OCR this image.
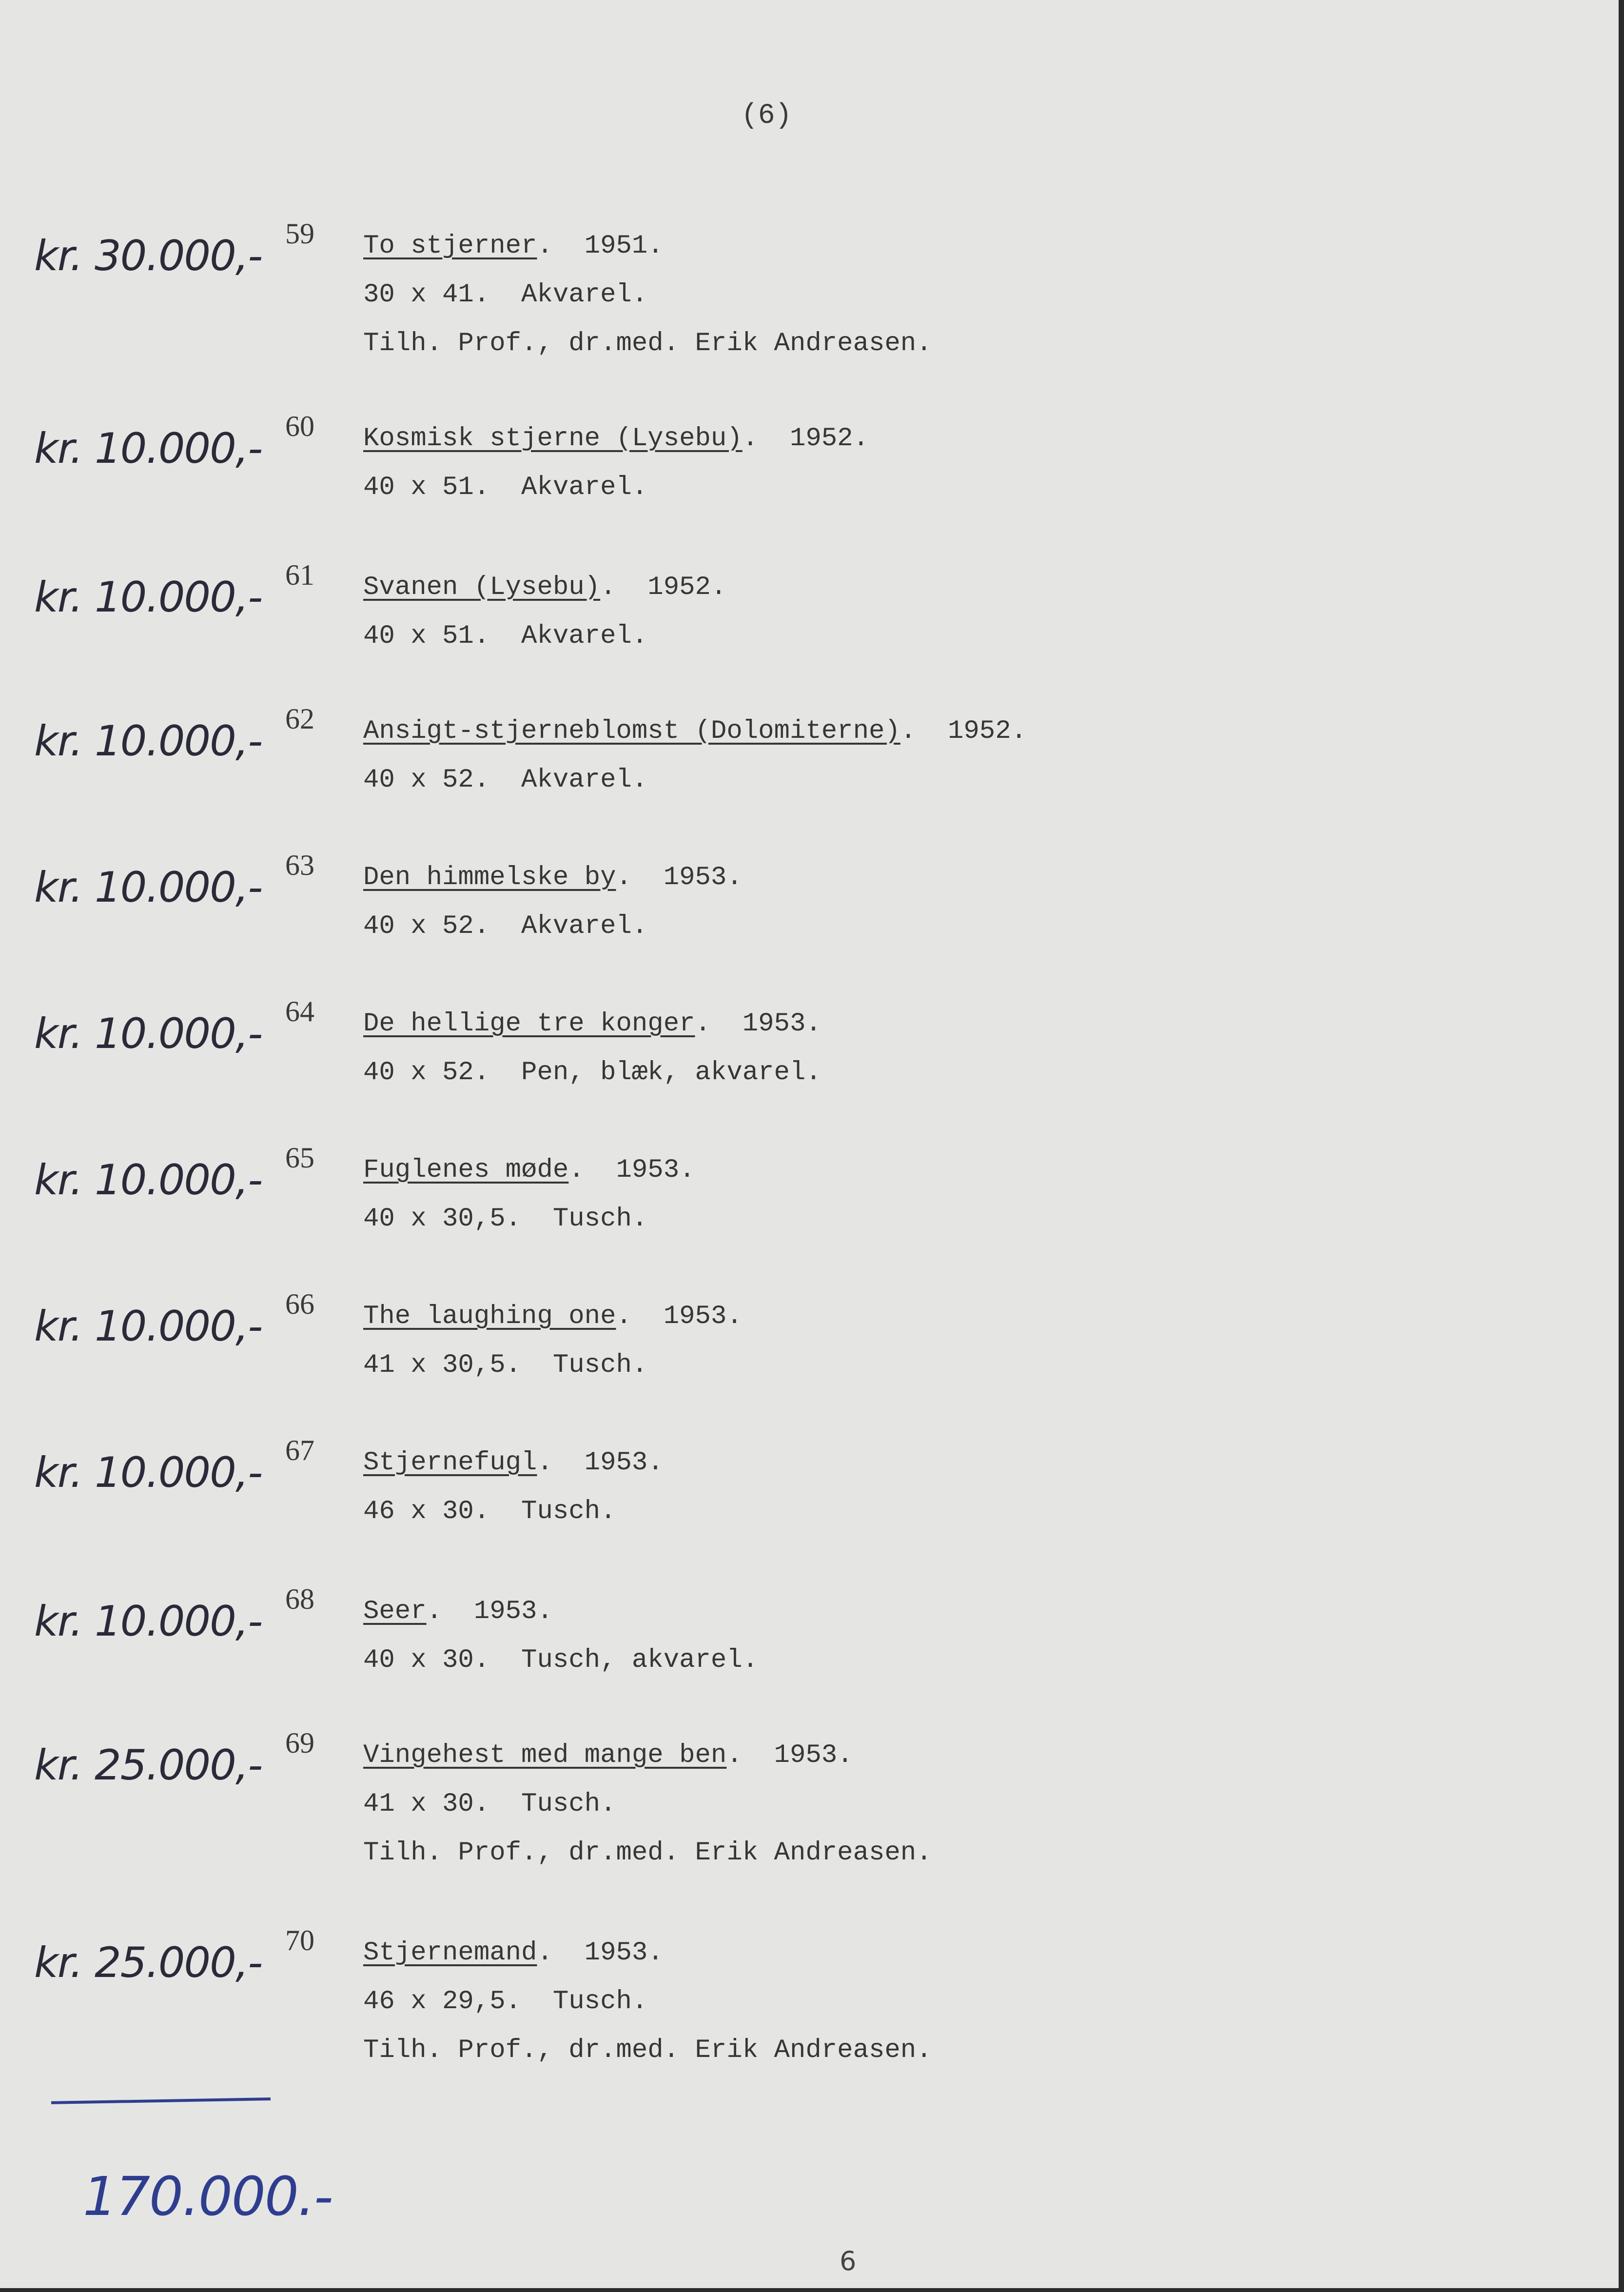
(6)
kr. 30.000,- 59 To stjerner.  1951.
30 x 41.  Akvarel.
Tilh. Prof., dr.med. Erik Andreasen.
kr. 10.000,- 60 Kosmisk stjerne (Lysebu).  1952.
40 x 51.  Akvarel.
kr. 10.000,- 61 Svanen (Lysebu).  1952.
40 x 51.  Akvarel.
kr. 10.000,- 62 Ansigt-stjerneblomst (Dolomiterne).  1952.
40 x 52.  Akvarel.
kr. 10.000,- 63 Den himmelske by.  1953.
40 x 52.  Akvarel.
kr. 10.000,- 64 De hellige tre konger.  1953.
40 x 52.  Pen, blæk, akvarel.
kr. 10.000,- 65 Fuglenes møde.  1953.
40 x 30,5.  Tusch.
kr. 10.000,- 66 The laughing one.  1953.
41 x 30,5.  Tusch.
kr. 10.000,- 67 Stjernefugl.  1953.
46 x 30.  Tusch.
kr. 10.000,- 68 Seer.  1953.
40 x 30.  Tusch, akvarel.
kr. 25.000,- 69 Vingehest med mange ben.  1953.
41 x 30.  Tusch.
Tilh. Prof., dr.med. Erik Andreasen.
kr. 25.000,- 70 Stjernemand.  1953.
46 x 29,5.  Tusch.
Tilh. Prof., dr.med. Erik Andreasen.
170.000.-
6
